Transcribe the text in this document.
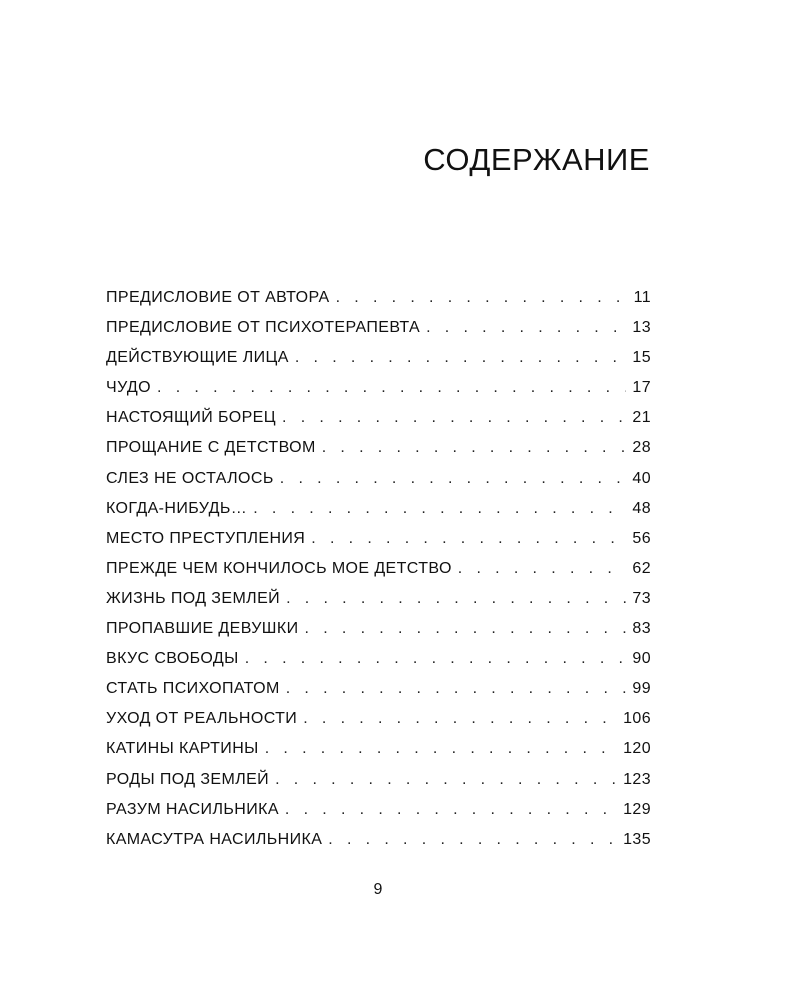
СОДЕРЖАНИЕ
ПРЕДИСЛОВИЕ ОТ АВТОРА . . .	11
ПРЕДИСЛОВИЕ ОТ ПСИХОТЕРАПЕВТА . . .	13
ДЕЙСТВУЮЩИЕ ЛИЦА . . .	15
ЧУДО . . .	17
НАСТОЯЩИЙ БОРЕЦ . . .	21
ПРОЩАНИЕ С ДЕТСТВОМ . . .	28
СЛЕЗ НЕ ОСТАЛОСЬ . . .	40
КОГДА-НИБУДЬ… . . .	48
МЕСТО ПРЕСТУПЛЕНИЯ . . .	56
ПРЕЖДЕ ЧЕМ КОНЧИЛОСЬ МОЕ ДЕТСТВО . . .	62
ЖИЗНЬ ПОД ЗЕМЛЕЙ . . .	73
ПРОПАВШИЕ ДЕВУШКИ . . .	83
ВКУС СВОБОДЫ . . .	90
СТАТЬ ПСИХОПАТОМ . . .	99
УХОД ОТ РЕАЛЬНОСТИ . . .	106
КАТИНЫ КАРТИНЫ . . .	120
РОДЫ ПОД ЗЕМЛЕЙ . . .	123
РАЗУМ НАСИЛЬНИКА . . .	129
КАМАСУТРА НАСИЛЬНИКА . . .	135

9
